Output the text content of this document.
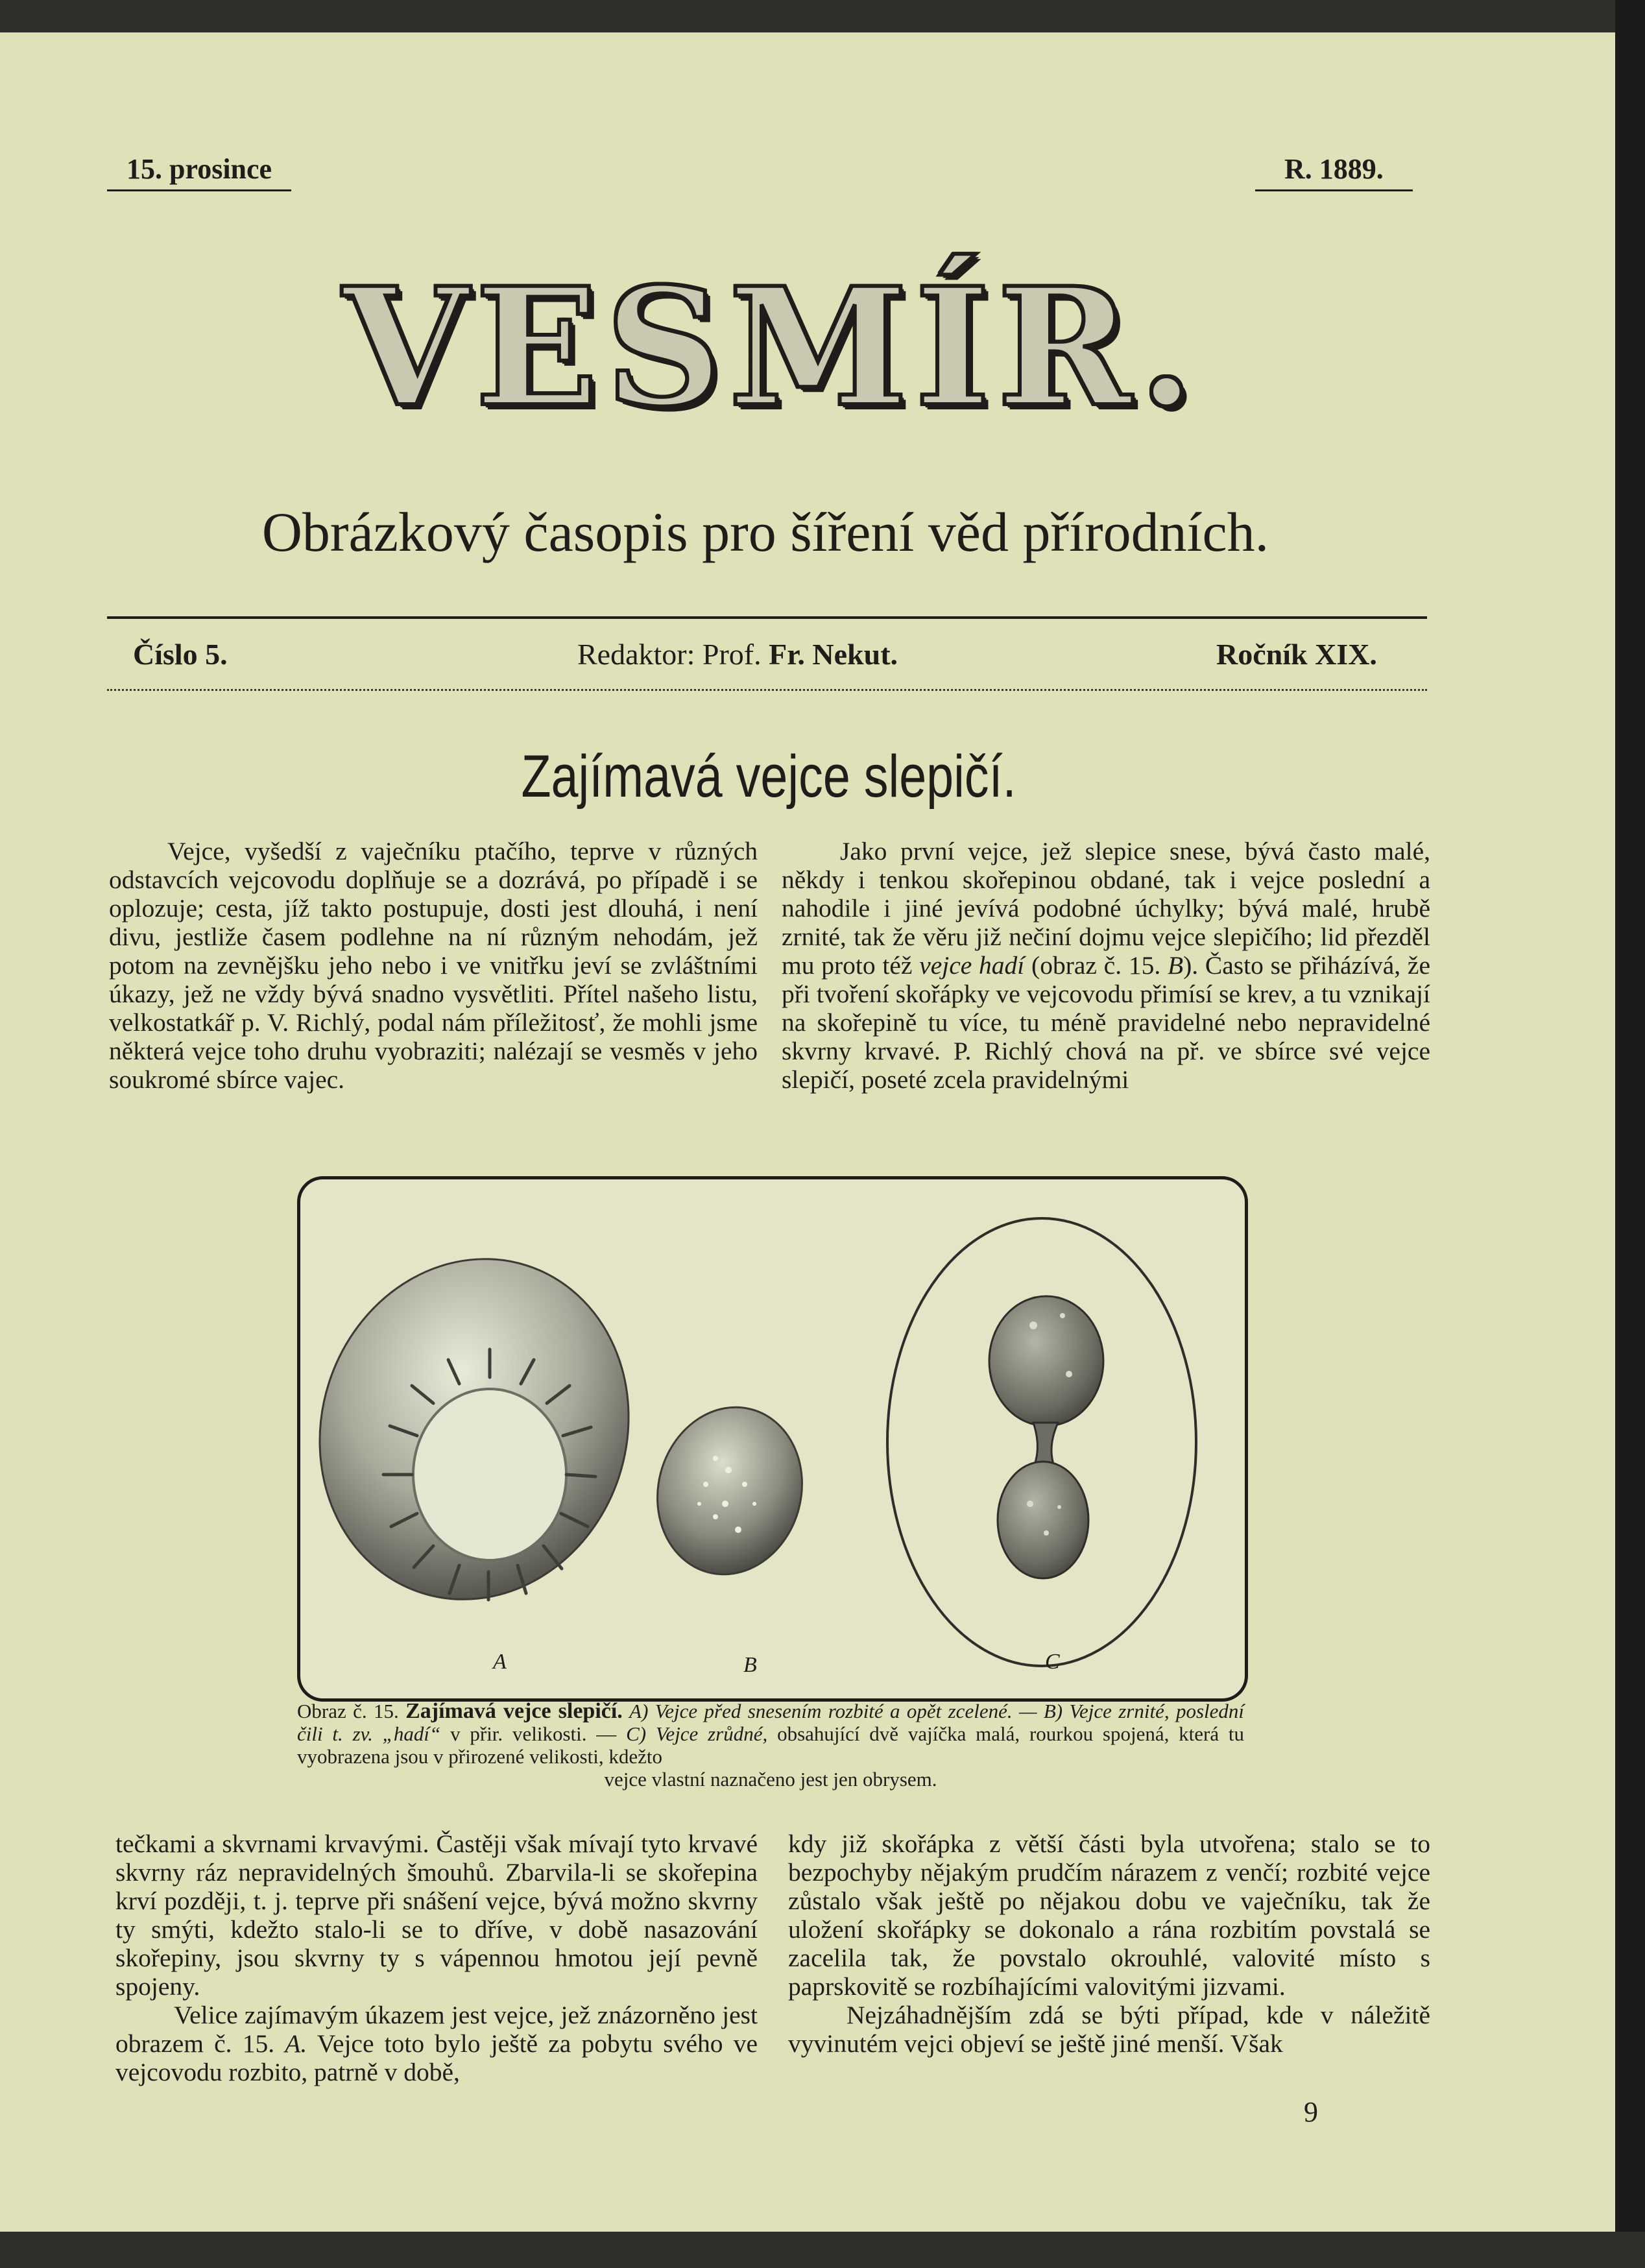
15. prosince	R. 1889.
VESMÍR.
Obrázkový časopis pro šíření věd přírodních.
Číslo 5.	Redaktor: Prof. Fr. Nekut.	Ročník XIX.
Zajímavá vejce slepičí.

Vejce, vyšedší z vaječníku ptačího, teprve v různých odstavcích vejcovodu doplňuje se a dozrává, po případě i se oplozuje; cesta, jíž takto postupuje, dosti jest dlouhá, i není divu, jestliže časem podlehne na ní různým nehodám, jež potom na zevnějšku jeho nebo i ve vnitřku jeví se zvláštními úkazy, jež ne vždy bývá snadno vysvětliti. Přítel našeho listu, velkostatkář p. V. Richlý, podal nám příležitosť, že mohli jsme některá vejce toho druhu vyobraziti; nalézají se vesměs v jeho soukromé sbírce vajec.

Jako první vejce, jež slepice snese, bývá často malé, někdy i tenkou skořepinou obdané, tak i vejce poslední a nahodile i jiné jevívá podobné úchylky; bývá malé, hrubě zrnité, tak že věru již nečiní dojmu vejce slepičího; lid přezděl mu proto též vejce hadí (obraz č. 15. B). Často se přiházívá, že při tvoření skořápky ve vejcovodu přimísí se krev, a tu vznikají na skořepině tu více, tu méně pravidelné nebo nepravidelné skvrny krvavé. P. Richlý chová na př. ve sbírce své vejce slepičí, poseté zcela pravidelnými

A	B	C
Obraz č. 15. Zajímavá vejce slepičí. A) Vejce před snesením rozbité a opět zcelené. — B) Vejce zrnité, poslední čili t. zv. „hadí“ v přir. velikosti. — C) Vejce zrůdné, obsahující dvě vajíčka malá, rourkou spojená, která tu vyobrazena jsou v přirozené velikosti, kdežto
vejce vlastní naznačeno jest jen obrysem.

tečkami a skvrnami krvavými. Častěji však mívají tyto krvavé skvrny ráz nepravidelných šmouhů. Zbarvila-li se skořepina krví později, t. j. teprve při snášení vejce, bývá možno skvrny ty smýti, kdežto stalo-li se to dříve, v době nasazování skořepiny, jsou skvrny ty s vápennou hmotou její pevně spojeny.

Velice zajímavým úkazem jest vejce, jež znázorněno jest obrazem č. 15. A. Vejce toto bylo ještě za pobytu svého ve vejcovodu rozbito, patrně v době,

kdy již skořápka z větší části byla utvořena; stalo se to bezpochyby nějakým prudčím nárazem z venčí; rozbité vejce zůstalo však ještě po nějakou dobu ve vaječníku, tak že uložení skořápky se dokonalo a rána rozbitím povstalá se zacelila tak, že povstalo okrouhlé, valovité místo s paprskovitě se rozbíhajícími valovitými jizvami.

Nejzáhadnějším zdá se býti případ, kde v náležitě vyvinutém vejci objeví se ještě jiné menší. Však

9
